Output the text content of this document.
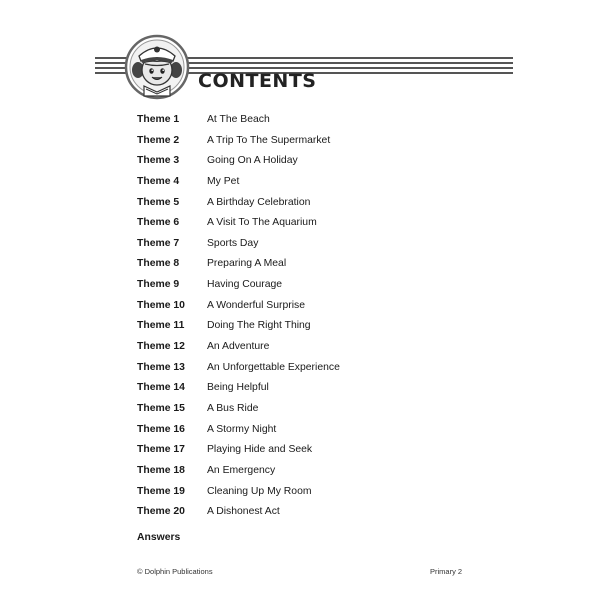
CONTENTS
Theme 1	At The Beach
Theme 2	A Trip To The Supermarket
Theme 3	Going On A Holiday
Theme 4	My Pet
Theme 5	A Birthday Celebration
Theme 6	A Visit To The Aquarium
Theme 7	Sports Day
Theme 8	Preparing A Meal
Theme 9	Having Courage
Theme 10 A Wonderful Surprise
Theme 11 Doing The Right Thing
Theme 12 An Adventure
Theme 13 An Unforgettable Experience
Theme 14 Being Helpful
Theme 15 A Bus Ride
Theme 16 A Stormy Night
Theme 17 Playing Hide and Seek
Theme 18 An Emergency
Theme 19 Cleaning Up My Room
Theme 20 A Dishonest Act
Answers
© Dolphin Publications	Primary 2
